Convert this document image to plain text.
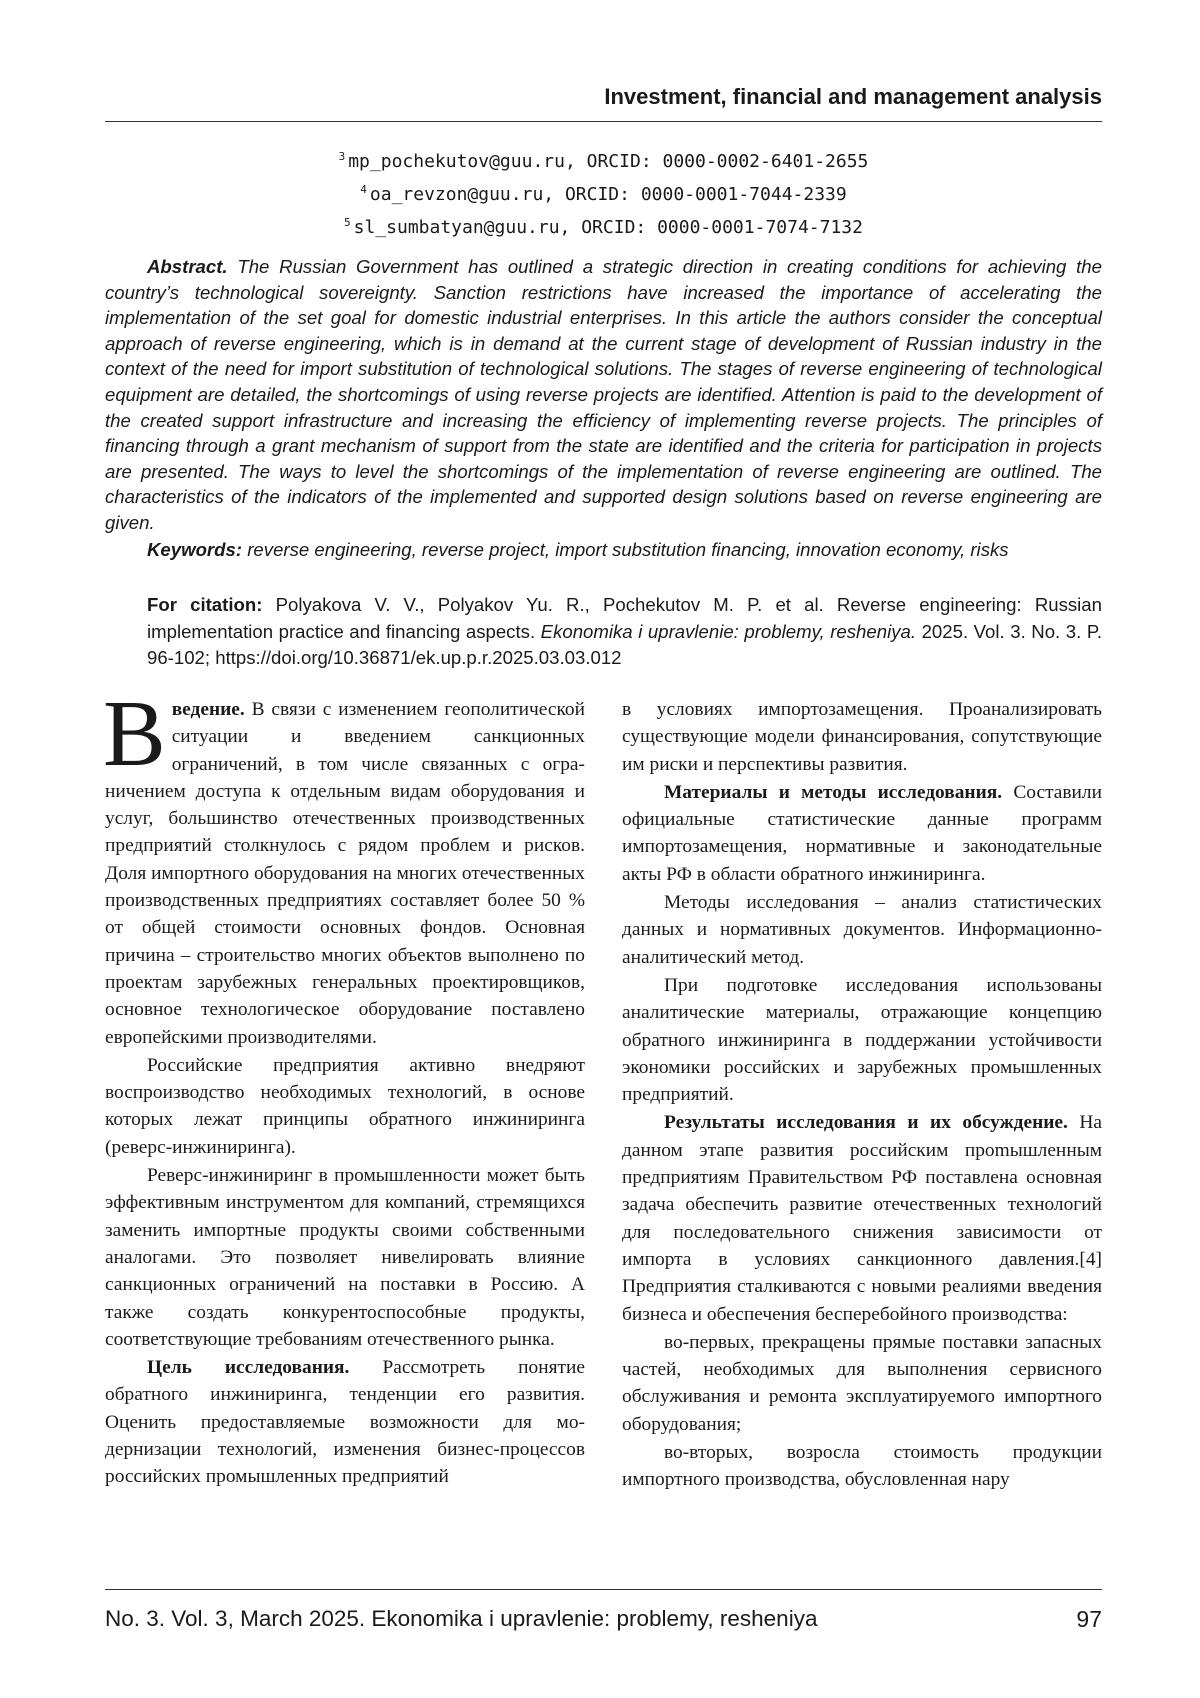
Investment, financial and management analysis
$^3$ mp_pochekutov@guu.ru, ORCID: 0000-0002-6401-2655
$^4$ oa_revzon@guu.ru, ORCID: 0000-0001-7044-2339
$^5$ sl_sumbatyan@guu.ru, ORCID: 0000-0001-7074-7132
Abstract. The Russian Government has outlined a strategic direction in creating conditions for achieving the country’s technological sovereignty. Sanction restrictions have increased the importance of accelerating the implementation of the set goal for domestic industrial enterprises. In this article the authors consider the conceptual approach of reverse engineering, which is in demand at the current stage of development of Russian industry in the context of the need for import substitution of technological solutions. The stages of reverse engineering of technological equipment are detailed, the shortcomings of using reverse projects are identified. Attention is paid to the development of the created support infrastructure and increasing the efficiency of implementing reverse projects. The principles of financing through a grant mechanism of support from the state are identified and the criteria for participation in projects are presented. The ways to level the shortcomings of the implementation of reverse engineering are outlined. The characteristics of the indicators of the implemented and supported design solutions based on reverse engineering are given.
Keywords: reverse engineering, reverse project, import substitution financing, innovation economy, risks
For citation: Polyakova V. V., Polyakov Yu. R., Pochekutov M. P. et al. Reverse engineering: Russian implementation practice and financing aspects. Ekonomika i upravlenie: problemy, resheniya. 2025. Vol. 3. No. 3. P. 96-102; https://doi.org/10.36871/ek.up.p.r.2025.03.03.012

Введение. В связи с изменением геополитической ситуации и введением санкционных ограничений, в том числе связанных с ограничением доступа к отдельным видам оборудования и услуг, большинство отечественных производственных предприятий столкнулось с рядом проблем и рисков. Доля импортного оборудования на многих отечественных производственных предприятиях составляет более 50 % от общей стоимости основных фондов. Основная причина – строительство многих объектов выполнено по проектам зарубежных генеральных проектировщиков, основное технологическое оборудование поставлено европейскими производителями.

Российские предприятия активно внедряют воспроизводство необходимых технологий, в основе которых лежат принципы обратного инжиниринга (реверс-инжиниринга).

Реверс-инжиниринг в промышленности может быть эффективным инструментом для компаний, стремящихся заменить импортные продукты своими собственными аналогами. Это позволяет нивелировать влияние санкционных ограничений на поставки в Россию. А также создать конкурентоспособные продукты, соответствующие требованиям отечественного рынка.

Цель исследования. Рассмотреть понятие обратного инжиниринга, тенденции его развития. Оценить предоставляемые возможности для модернизации технологий, изменения бизнес-процессов российских промышленных предприятий

в условиях импортозамещения. Проанализировать существующие модели финансирования, сопутствующие им риски и перспективы развития.

Материалы и методы исследования. Составили официальные статистические данные программ импортозамещения, нормативные и законодательные акты РФ в области обратного инжиниринга.

Методы исследования – анализ статистических данных и нормативных документов. Информационно-аналитический метод.

При подготовке исследования использованы аналитические материалы, отражающие концепцию обратного инжиниринга в поддержании устойчивости экономики российских и зарубежных промышленных предприятий.

Результаты исследования и их обсуждение. На данном этапе развития российским проmышленным предприятиям Правительством РФ поставлена основная задача обеспечить развитие отечественных технологий для последовательного снижения зависимости от импорта в условиях санкционного давления.[4] Предприятия сталкиваются с новыми реалиями введения бизнеса и обеспечения бесперебойного производства:

во-первых, прекращены прямые поставки запасных частей, необходимых для выполнения сервисного обслуживания и ремонта эксплуатируемого импортного оборудования;

во-вторых, возросла стоимость продукции импортного производства, обусловленная нару

No. 3. Vol. 3, March 2025. Ekonomika i upravlenie: problemy, resheniya	97
